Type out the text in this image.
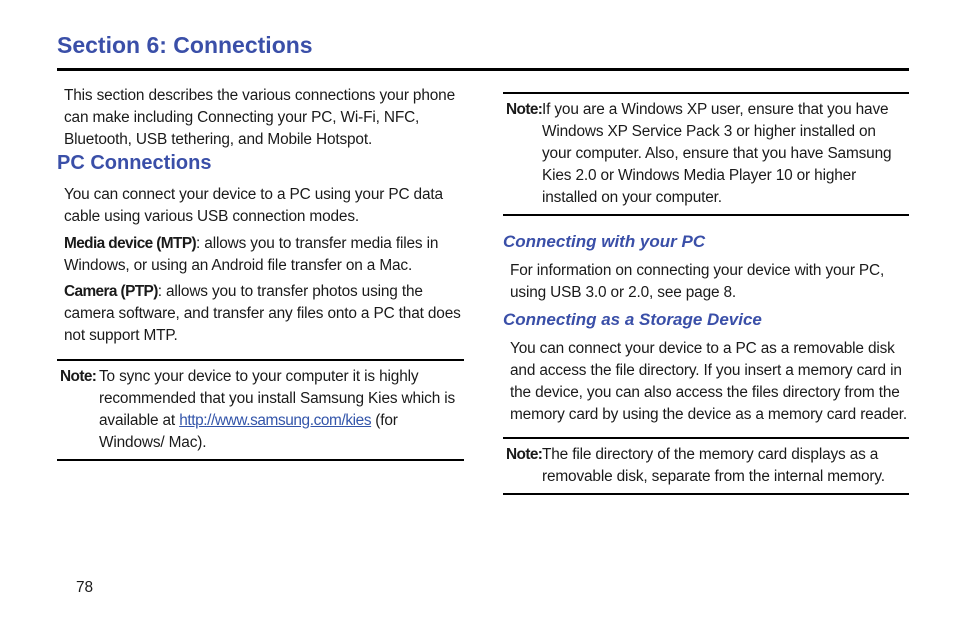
Section 6: Connections
This section describes the various connections your phone can make including Connecting your PC, Wi-Fi, NFC, Bluetooth, USB tethering, and Mobile Hotspot.
PC Connections
You can connect your device to a PC using your PC data cable using various USB connection modes.
Media device (MTP): allows you to transfer media files in Windows, or using an Android file transfer on a Mac.
Camera (PTP): allows you to transfer photos using the camera software, and transfer any files onto a PC that does not support MTP.
Note: To sync your device to your computer it is highly recommended that you install Samsung Kies which is available at http://www.samsung.com/kies (for Windows/ Mac).
Note: If you are a Windows XP user, ensure that you have Windows XP Service Pack 3 or higher installed on your computer. Also, ensure that you have Samsung Kies 2.0 or Windows Media Player 10 or higher installed on your computer.
Connecting with your PC
For information on connecting your device with your PC, using USB 3.0 or 2.0, see page 8.
Connecting as a Storage Device
You can connect your device to a PC as a removable disk and access the file directory. If you insert a memory card in the device, you can also access the files directory from the memory card by using the device as a memory card reader.
Note: The file directory of the memory card displays as a removable disk, separate from the internal memory.
78
